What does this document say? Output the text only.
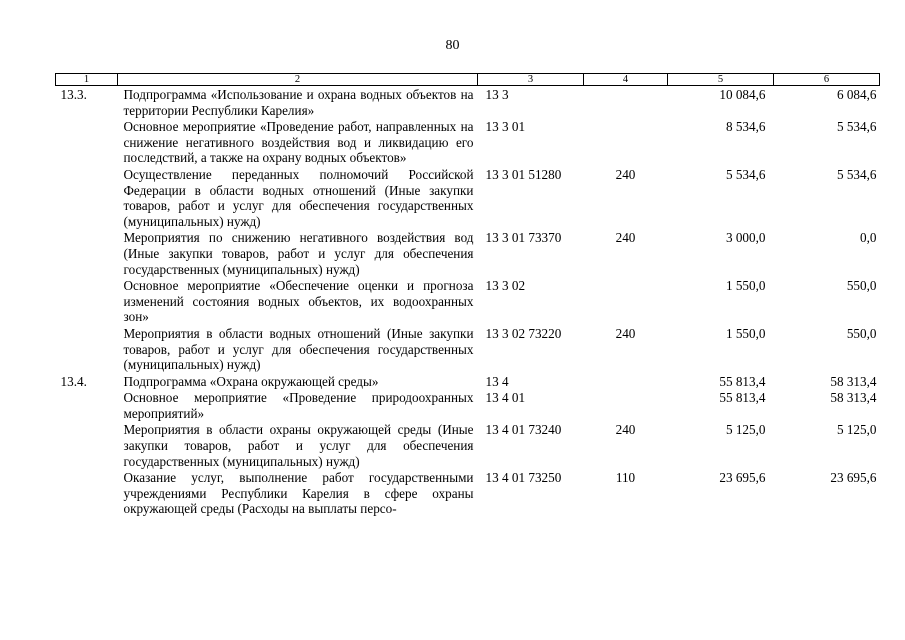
80
1	2	3	4	5	6
13.3.	Подпрограмма «Использование и охрана водных объектов на территории Республики Карелия»	13 3		10 084,6	6 084,6
	Основное мероприятие «Проведение работ, направленных на снижение негативного воздействия вод и ликвидацию его последствий, а также на охрану водных объектов»	13 3 01		8 534,6	5 534,6
	Осуществление переданных полномочий Российской Федерации в области водных отношений (Иные закупки товаров, работ и услуг для обеспечения государственных (муниципальных) нужд)	13 3 01 51280	240	5 534,6	5 534,6
	Мероприятия по снижению негативного воздействия вод (Иные закупки товаров, работ и услуг для обеспечения государственных (муниципальных) нужд)	13 3 01 73370	240	3 000,0	0,0
	Основное мероприятие «Обеспечение оценки и прогноза изменений состояния водных объектов, их водоохранных зон»	13 3 02		1 550,0	550,0
	Мероприятия в области водных отношений (Иные закупки товаров, работ и услуг для обеспечения государственных (муниципальных) нужд)	13 3 02 73220	240	1 550,0	550,0
13.4.	Подпрограмма «Охрана окружающей среды»	13 4		55 813,4	58 313,4
	Основное мероприятие «Проведение природоохранных мероприятий»	13 4 01		55 813,4	58 313,4
	Мероприятия в области охраны окружающей среды (Иные закупки товаров, работ и услуг для обеспечения государственных (муниципальных) нужд)	13 4 01 73240	240	5 125,0	5 125,0
	Оказание услуг, выполнение работ государственными учреждениями Республики Карелия в сфере охраны окружающей среды (Расходы на выплаты персо-	13 4 01 73250	110	23 695,6	23 695,6
